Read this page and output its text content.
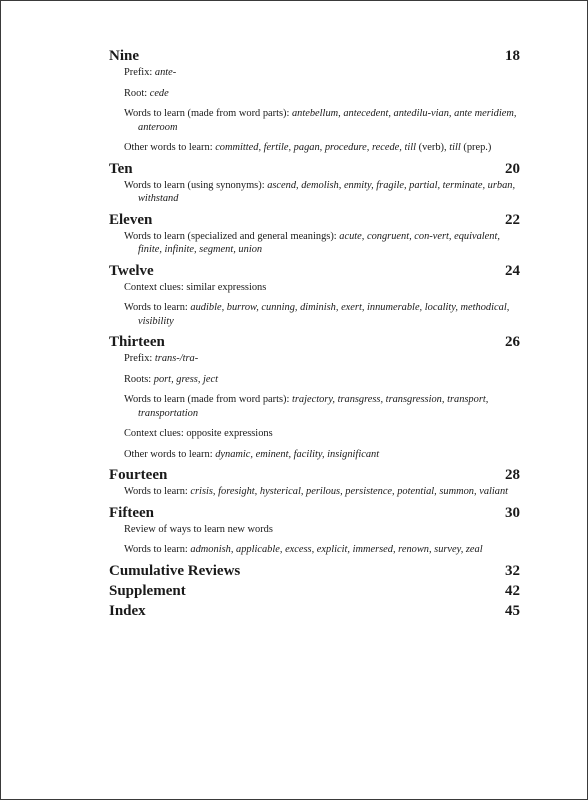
Nine	18

Prefix: ante-

Root: cede

Words to learn (made from word parts): antebellum, antecedent, antedilu-vian, ante meridiem, anteroom

Other words to learn: committed, fertile, pagan, procedure, recede, till (verb), till (prep.)

Ten	20

Words to learn (using synonyms): ascend, demolish, enmity, fragile, partial, terminate, urban, withstand

Eleven	22

Words to learn (specialized and general meanings): acute, congruent, con-vert, equivalent, finite, infinite, segment, union

Twelve	24

Context clues: similar expressions

Words to learn: audible, burrow, cunning, diminish, exert, innumerable, locality, methodical, visibility

Thirteen	26

Prefix: trans-/tra-

Roots: port, gress, ject

Words to learn (made from word parts): trajectory, transgress, transgression, transport, transportation

Context clues: opposite expressions

Other words to learn: dynamic, eminent, facility, insignificant

Fourteen	28

Words to learn: crisis, foresight, hysterical, perilous, persistence, potential, summon, valiant

Fifteen	30

Review of ways to learn new words

Words to learn: admonish, applicable, excess, explicit, immersed, renown, survey, zeal

Cumulative Reviews	32
Supplement	42
Index	45
